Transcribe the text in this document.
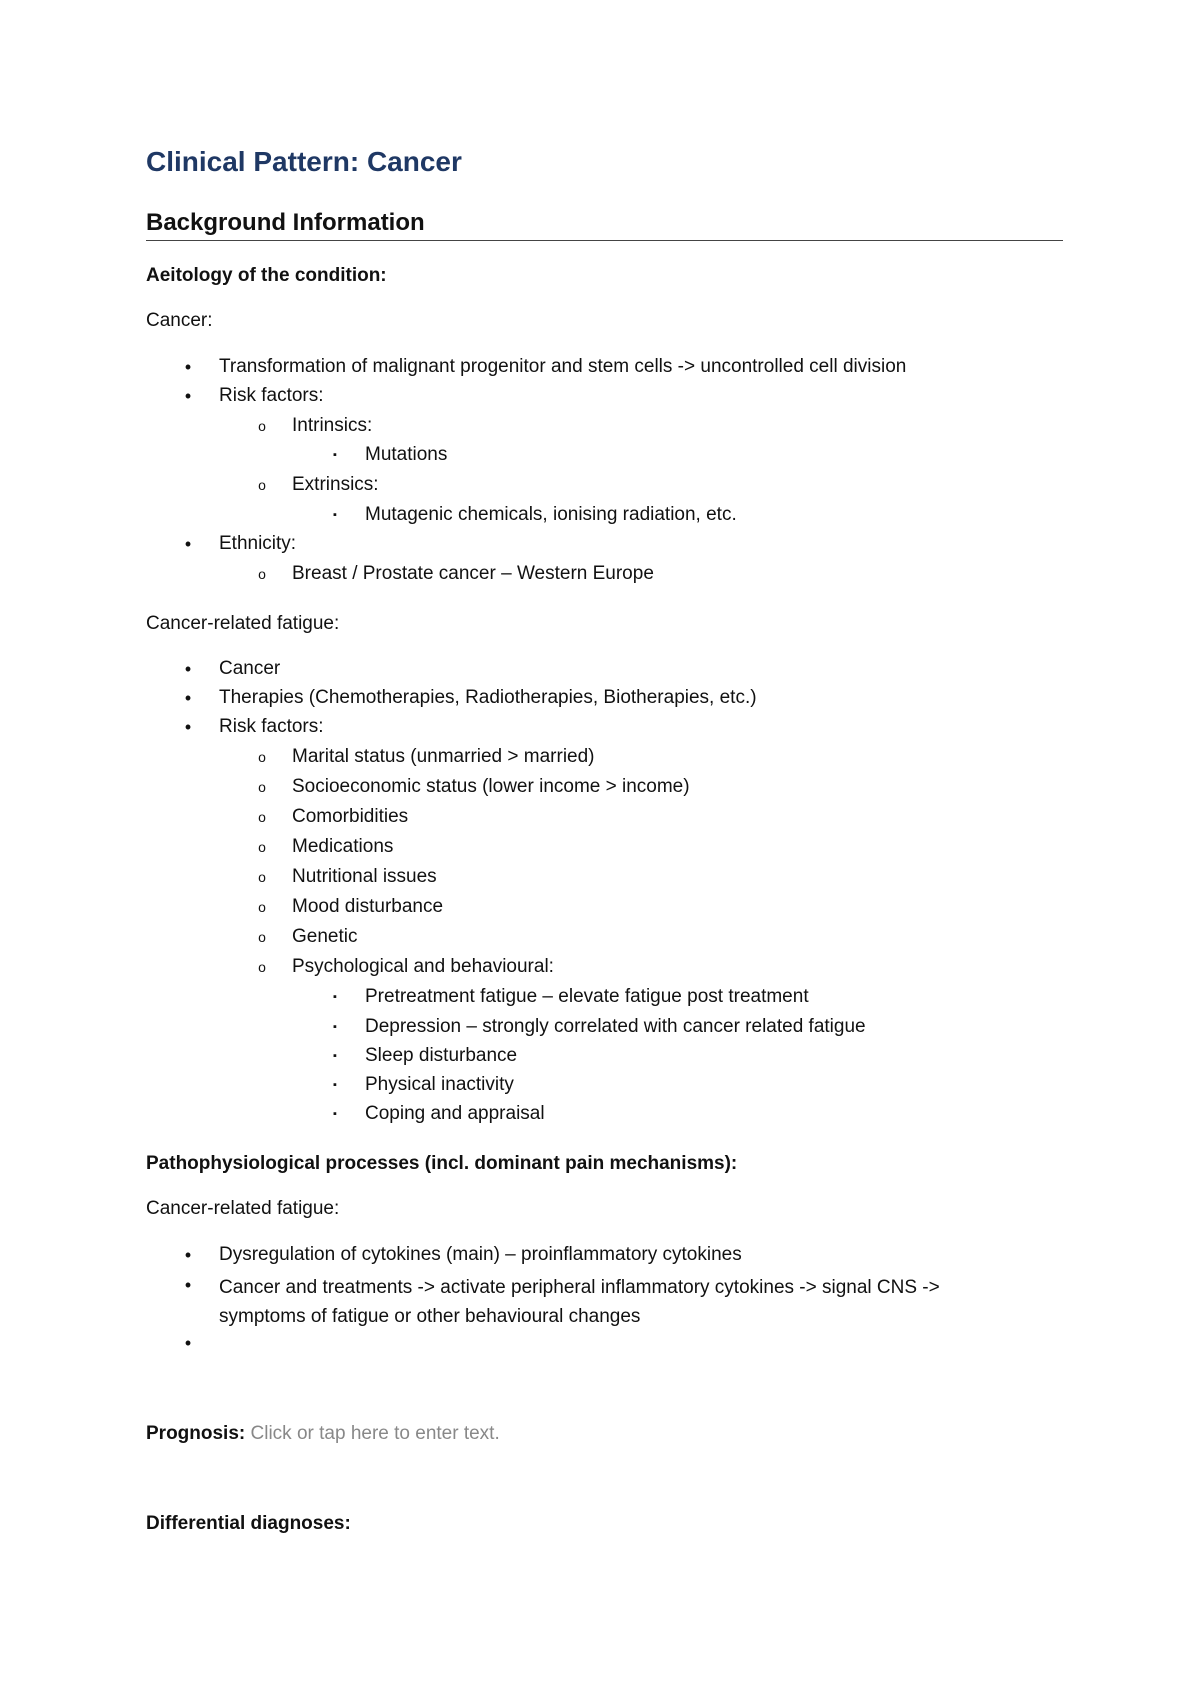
Clinical Pattern: Cancer
Background Information
Aeitology of the condition:
Cancer:
•	Transformation of malignant progenitor and stem cells -> uncontrolled cell division
•	Risk factors:
o	Intrinsics:
▪	Mutations
o	Extrinsics:
▪	Mutagenic chemicals, ionising radiation, etc.
•	Ethnicity:
o	Breast / Prostate cancer – Western Europe
Cancer-related fatigue:
•	Cancer
•	Therapies (Chemotherapies, Radiotherapies, Biotherapies, etc.)
•	Risk factors:
o	Marital status (unmarried > married)
o	Socioeconomic status (lower income > income)
o	Comorbidities
o	Medications
o	Nutritional issues
o	Mood disturbance
o	Genetic
o	Psychological and behavioural:
▪	Pretreatment fatigue – elevate fatigue post treatment
▪	Depression – strongly correlated with cancer related fatigue
▪	Sleep disturbance
▪	Physical inactivity
▪	Coping and appraisal
Pathophysiological processes (incl. dominant pain mechanisms):
Cancer-related fatigue:
•	Dysregulation of cytokines (main) – proinflammatory cytokines
•	Cancer and treatments -> activate peripheral inflammatory cytokines -> signal CNS -> symptoms of fatigue or other behavioural changes
•
Prognosis: Click or tap here to enter text.
Differential diagnoses:
